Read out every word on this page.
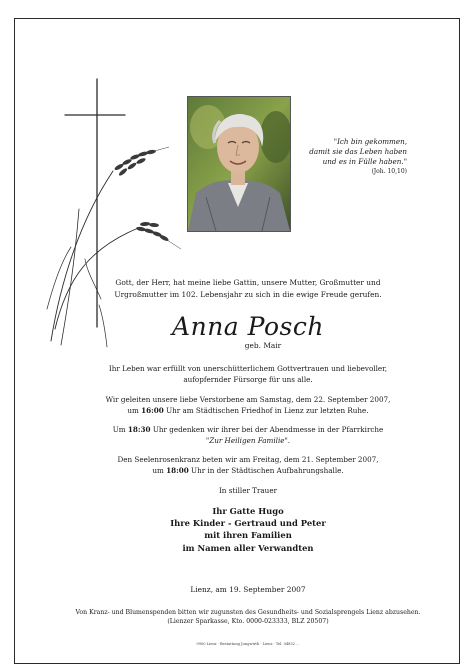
"Ich bin gekommen,
damit sie das Leben haben
und es in Fülle haben."
(Joh. 10,10)
Gott, der Herr, hat meine liebe Gattin, unsere Mutter, Großmutter und
Urgroßmutter im 102. Lebensjahr zu sich in die ewige Freude gerufen.
Anna Posch
geb. Mair
Ihr Leben war erfüllt von unerschütterlichem Gottvertrauen und liebevoller,
aufopfernder Fürsorge für uns alle.
Wir geleiten unsere liebe Verstorbene am Samstag, dem 22. September 2007,
um 16:00 Uhr am Städtischen Friedhof in Lienz zur letzten Ruhe.
Um 18:30 Uhr gedenken wir ihrer bei der Abendmesse in der Pfarrkirche
"Zur Heiligen Familie".
Den Seelenrosenkranz beten wir am Freitag, dem 21. September 2007,
um 18:00 Uhr in der Städtischen Aufbahrungshalle.
In stiller Trauer
Ihr Gatte Hugo
Ihre Kinder - Gertraud und Peter
mit ihren Familien
im Namen aller Verwandten
Lienz, am 19. September 2007
Von Kranz- und Blumenspenden bitten wir zugunsten des Gesundheits- und Sozialsprengels Lienz abzusehen.
(Lienzer Sparkasse, Kto. 0000-023333, BLZ 20507)
9900 Lienz · Bestattung Jungwirth · Lienz · Tel. 04852 ...
